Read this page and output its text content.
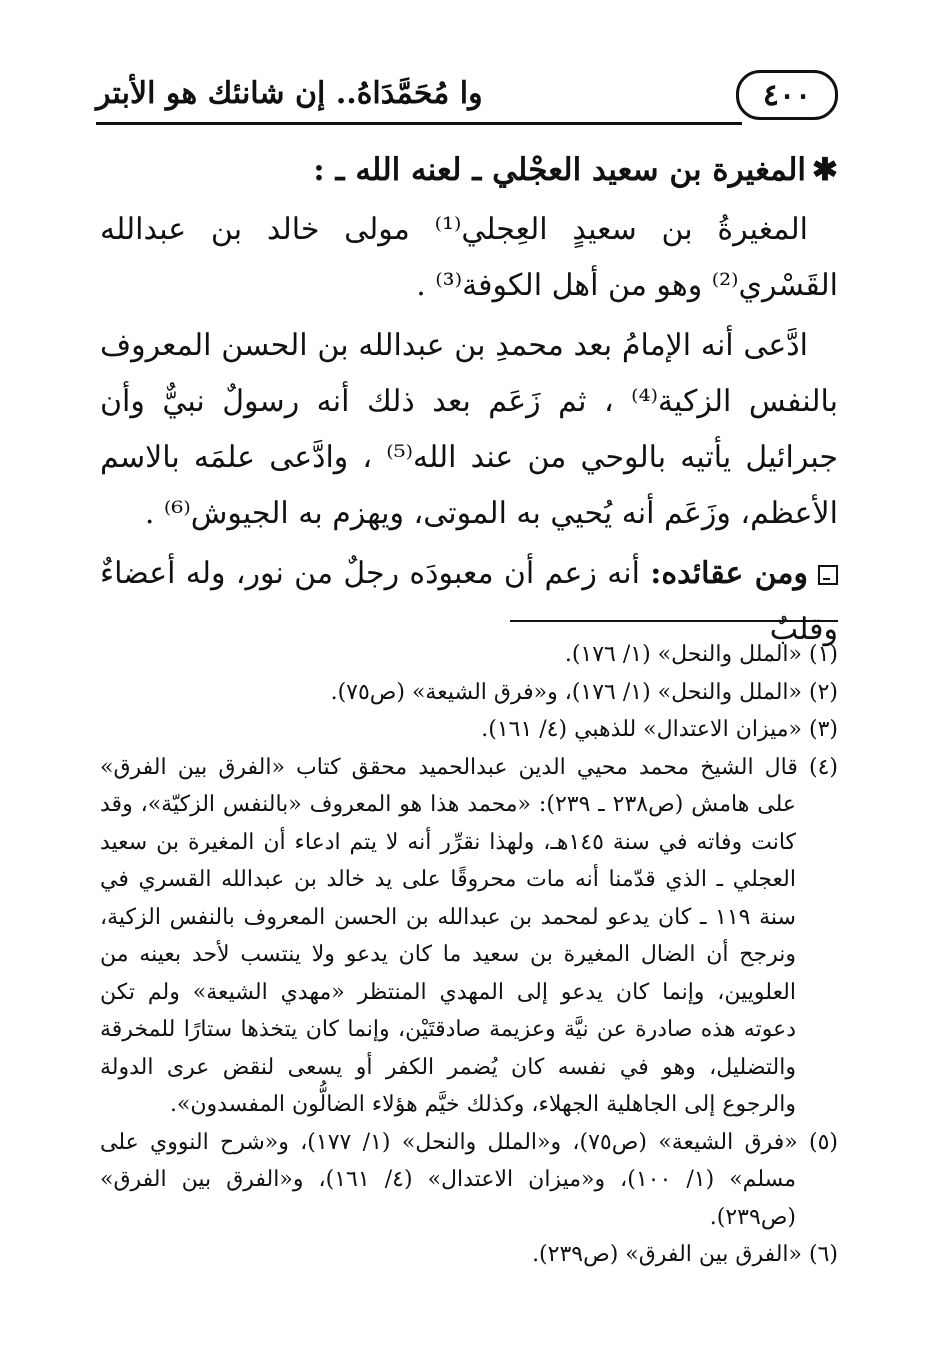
٤٠٠
وا مُحَمَّدَاهُ.. إن شانئك هو الأبتر
✱المغيرة بن سعيد العجْلي ـ لعنه الله ـ :
المغيرةُ بن سعيدٍ العِجلي⁽¹⁾ مولى خالد بن عبدالله القَسْري⁽²⁾ وهو من أهل الكوفة⁽³⁾ .
ادَّعى أنه الإمامُ بعد محمدِ بن عبدالله بن الحسن المعروف بالنفس الزكية⁽⁴⁾ ، ثم زَعَم بعد ذلك أنه رسولٌ نبيٌّ وأن جبرائيل يأتيه بالوحي من عند الله⁽⁵⁾ ، وادَّعى علمَه بالاسم الأعظم، وزَعَم أنه يُحيي به الموتى، ويهزم به الجيوش⁽⁶⁾ .
ومن عقائده: أنه زعم أن معبودَه رجلٌ من نور، وله أعضاءٌ وقلبٌ
(١) «الملل والنحل» (١/ ١٧٦).
(٢) «الملل والنحل» (١/ ١٧٦)، و«فرق الشيعة» (ص٧٥).
(٣) «ميزان الاعتدال» للذهبي (٤/ ١٦١).
(٤) قال الشيخ محمد محيي الدين عبدالحميد محقق كتاب «الفرق بين الفرق» على هامش (ص٢٣٨ ـ ٢٣٩): «محمد هذا هو المعروف «بالنفس الزكيّة»، وقد كانت وفاته في سنة ١٤٥هـ، ولهذا نقرِّر أنه لا يتم ادعاء أن المغيرة بن سعيد العجلي ـ الذي قدّمنا أنه مات محروقًا على يد خالد بن عبدالله القسري في سنة ١١٩ ـ كان يدعو لمحمد بن عبدالله بن الحسن المعروف بالنفس الزكية، ونرجح أن الضال المغيرة بن سعيد ما كان يدعو ولا ينتسب لأحد بعينه من العلويين، وإنما كان يدعو إلى المهدي المنتظر «مهدي الشيعة» ولم تكن دعوته هذه صادرة عن نيَّة وعزيمة صادقتَيْن، وإنما كان يتخذها ستارًا للمخرقة والتضليل، وهو في نفسه كان يُضمر الكفر أو يسعى لنقض عرى الدولة والرجوع إلى الجاهلية الجهلاء، وكذلك خيَّم هؤلاء الضالُّون المفسدون».
(٥) «فرق الشيعة» (ص٧٥)، و«الملل والنحل» (١/ ١٧٧)، و«شرح النووي على مسلم» (١/ ١٠٠)، و«ميزان الاعتدال» (٤/ ١٦١)، و«الفرق بين الفرق» (ص٢٣٩).
(٦) «الفرق بين الفرق» (ص٢٣٩).
